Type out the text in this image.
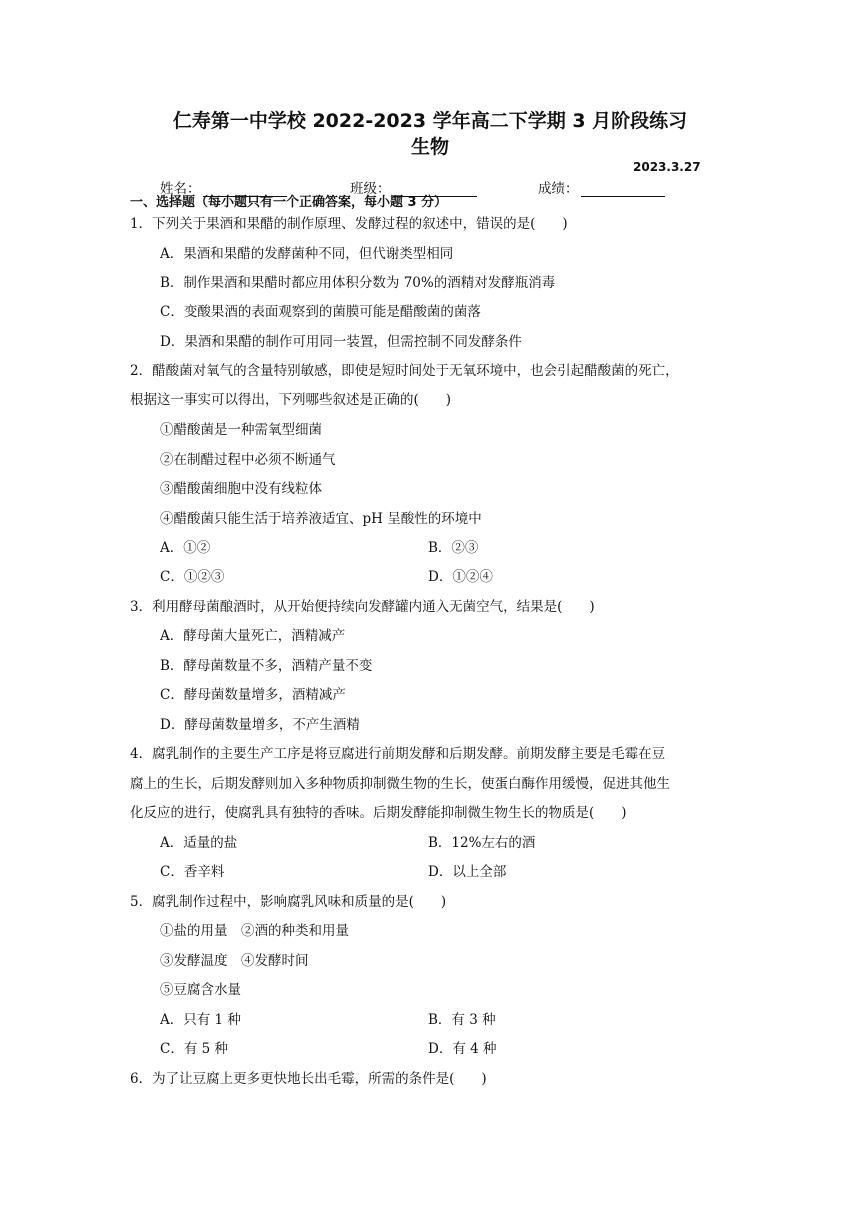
仁寿第一中学校 2022-2023 学年高二下学期 3 月阶段练习
生物
2023.3.27
姓名：	班级：	成绩：
一、选择题（每小题只有一个正确答案，每小题 3 分）
1．下列关于果酒和果醋的制作原理、发酵过程的叙述中，错误的是(　　)
A．果酒和果醋的发酵菌种不同，但代谢类型相同
B．制作果酒和果醋时都应用体积分数为 70%的酒精对发酵瓶消毒
C．变酸果酒的表面观察到的菌膜可能是醋酸菌的菌落
D．果酒和果醋的制作可用同一装置，但需控制不同发酵条件
2．醋酸菌对氧气的含量特别敏感，即使是短时间处于无氧环境中，也会引起醋酸菌的死亡，
根据这一事实可以得出，下列哪些叙述是正确的(　　)
①醋酸菌是一种需氧型细菌
②在制醋过程中必须不断通气
③醋酸菌细胞中没有线粒体
④醋酸菌只能生活于培养液适宜、pH 呈酸性的环境中
A．①②	B．②③
C．①②③	D．①②④
3．利用酵母菌酿酒时，从开始便持续向发酵罐内通入无菌空气，结果是(　　)
A．酵母菌大量死亡，酒精减产
B．酵母菌数量不多，酒精产量不变
C．酵母菌数量增多，酒精减产
D．酵母菌数量增多，不产生酒精
4．腐乳制作的主要生产工序是将豆腐进行前期发酵和后期发酵。前期发酵主要是毛霉在豆
腐上的生长，后期发酵则加入多种物质抑制微生物的生长，使蛋白酶作用缓慢，促进其他生
化反应的进行，使腐乳具有独特的香味。后期发酵能抑制微生物生长的物质是(　　)
A．适量的盐	B．12%左右的酒
C．香辛料	D．以上全部
5．腐乳制作过程中，影响腐乳风味和质量的是(　　)
①盐的用量　②酒的种类和用量
③发酵温度　④发酵时间
⑤豆腐含水量
A．只有 1 种	B．有 3 种
C．有 5 种	D．有 4 种
6．为了让豆腐上更多更快地长出毛霉，所需的条件是(　　)
